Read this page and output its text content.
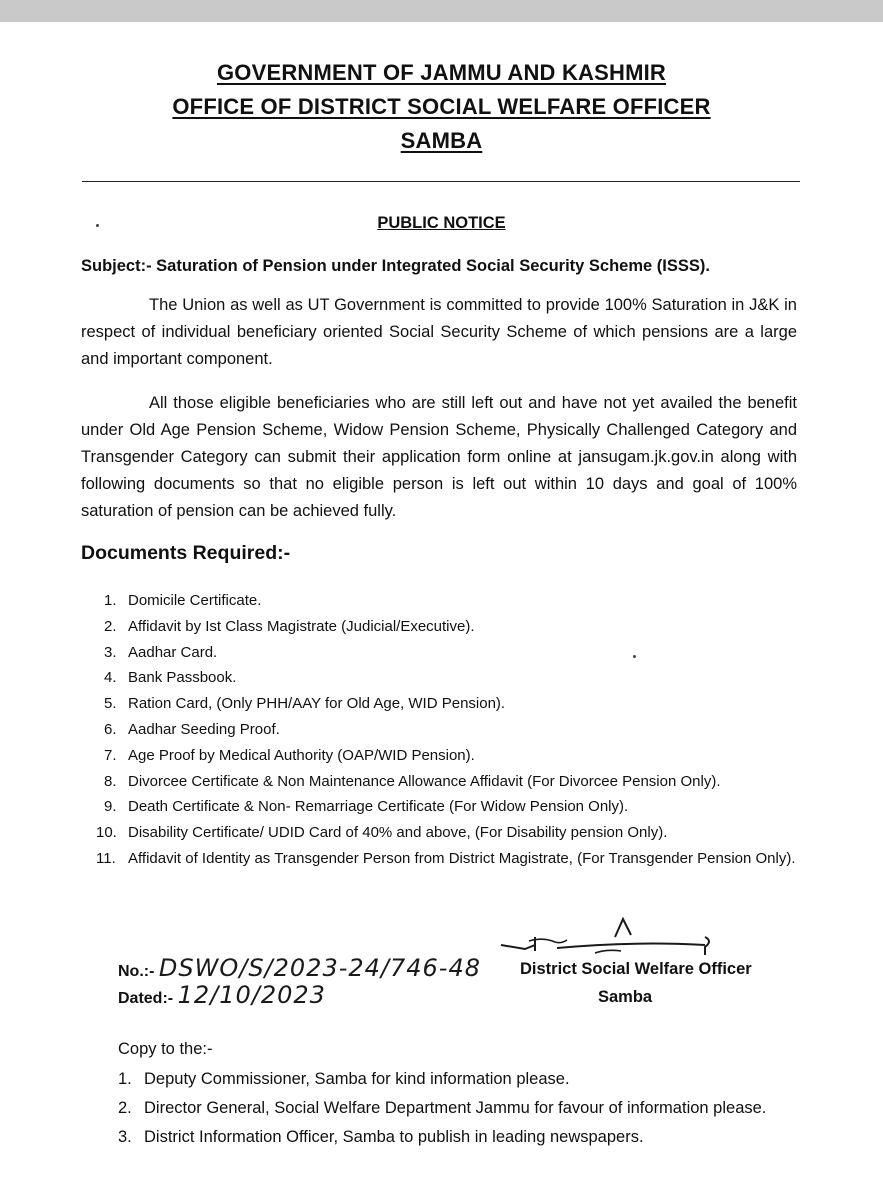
GOVERNMENT OF JAMMU AND KASHMIR
OFFICE OF DISTRICT SOCIAL WELFARE OFFICER
SAMBA
PUBLIC NOTICE
Subject:- Saturation of Pension under Integrated Social Security Scheme (ISSS).
The Union as well as UT Government is committed to provide 100% Saturation in J&K in respect of individual beneficiary oriented Social Security Scheme of which pensions are a large and important component.
All those eligible beneficiaries who are still left out and have not yet availed the benefit under Old Age Pension Scheme, Widow Pension Scheme, Physically Challenged Category and Transgender Category can submit their application form online at jansugam.jk.gov.in along with following documents so that no eligible person is left out within 10 days and goal of 100% saturation of pension can be achieved fully.
Documents Required:-
1. Domicile Certificate.
2. Affidavit by Ist Class Magistrate (Judicial/Executive).
3. Aadhar Card.
4. Bank Passbook.
5. Ration Card, (Only PHH/AAY for Old Age, WID Pension).
6. Aadhar Seeding Proof.
7. Age Proof by Medical Authority (OAP/WID Pension).
8. Divorcee Certificate & Non Maintenance Allowance Affidavit (For Divorcee Pension Only).
9. Death Certificate & Non- Remarriage Certificate (For Widow Pension Only).
10. Disability Certificate/ UDID Card of 40% and above, (For Disability pension Only).
11. Affidavit of Identity as Transgender Person from District Magistrate, (For Transgender Pension Only).
No.:- DSWO/S/2023-24/746-48
Dated:- 12/10/2023
District Social Welfare Officer
Samba
Copy to the:-
1. Deputy Commissioner, Samba for kind information please.
2. Director General, Social Welfare Department Jammu for favour of information please.
3. District Information Officer, Samba to publish in leading newspapers.
